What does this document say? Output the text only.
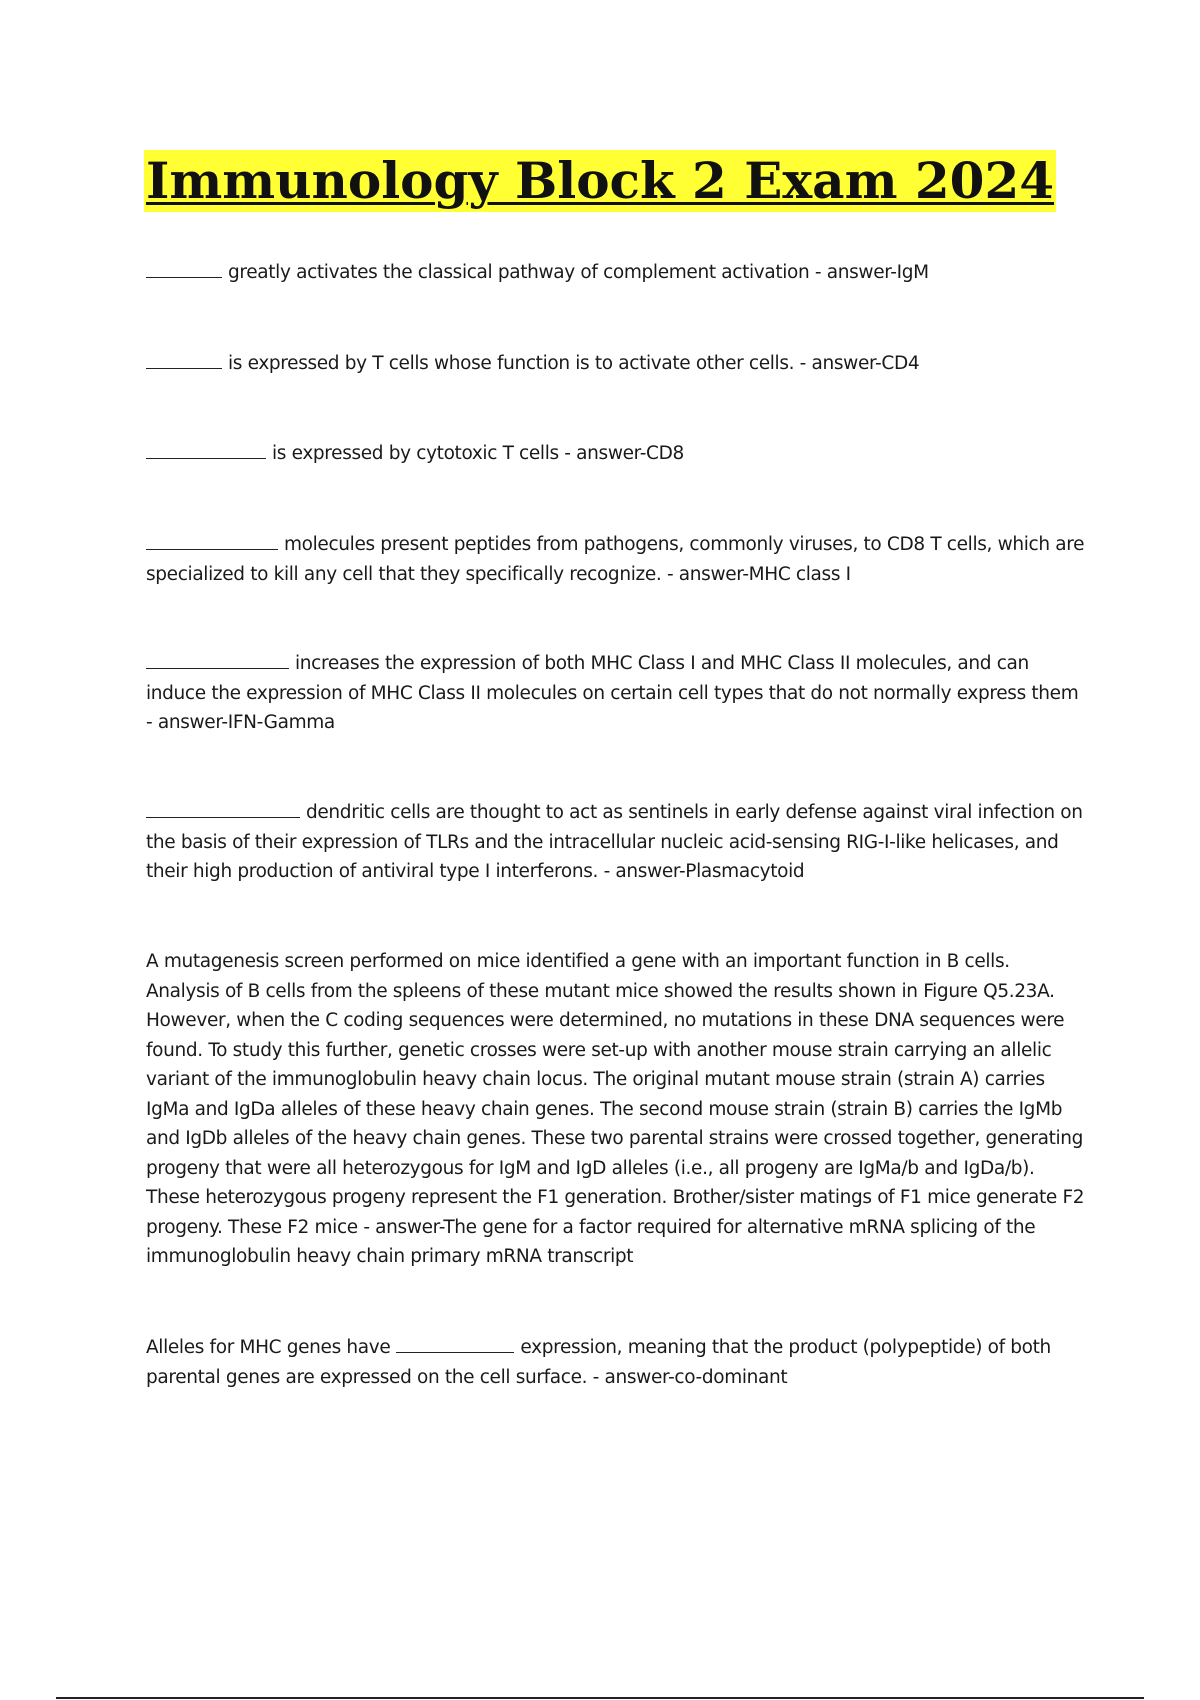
Immunology Block 2 Exam 2024

greatly activates the classical pathway of complement activation - answer-IgM

is expressed by T cells whose function is to activate other cells. - answer-CD4

is expressed by cytotoxic T cells - answer-CD8

molecules present peptides from pathogens, commonly viruses, to CD8 T cells, which are specialized to kill any cell that they specifically recognize. - answer-MHC class I

increases the expression of both MHC Class I and MHC Class II molecules, and can induce the expression of MHC Class II molecules on certain cell types that do not normally express them - answer-IFN-Gamma

dendritic cells are thought to act as sentinels in early defense against viral infection on the basis of their expression of TLRs and the intracellular nucleic acid-sensing RIG-I-like helicases, and their high production of antiviral type I interferons. - answer-Plasmacytoid

A mutagenesis screen performed on mice identified a gene with an important function in B cells. Analysis of B cells from the spleens of these mutant mice showed the results shown in Figure Q5.23A. However, when the C coding sequences were determined, no mutations in these DNA sequences were found. To study this further, genetic crosses were set-up with another mouse strain carrying an allelic variant of the immunoglobulin heavy chain locus. The original mutant mouse strain (strain A) carries IgMa and IgDa alleles of these heavy chain genes. The second mouse strain (strain B) carries the IgMb and IgDb alleles of the heavy chain genes. These two parental strains were crossed together, generating progeny that were all heterozygous for IgM and IgD alleles (i.e., all progeny are IgMa/b and IgDa/b). These heterozygous progeny represent the F1 generation. Brother/sister matings of F1 mice generate F2 progeny. These F2 mice - answer-The gene for a factor required for alternative mRNA splicing of the immunoglobulin heavy chain primary mRNA transcript

Alleles for MHC genes have	expression, meaning that the product (polypeptide) of both parental genes are expressed on the cell surface. - answer-co-dominant
